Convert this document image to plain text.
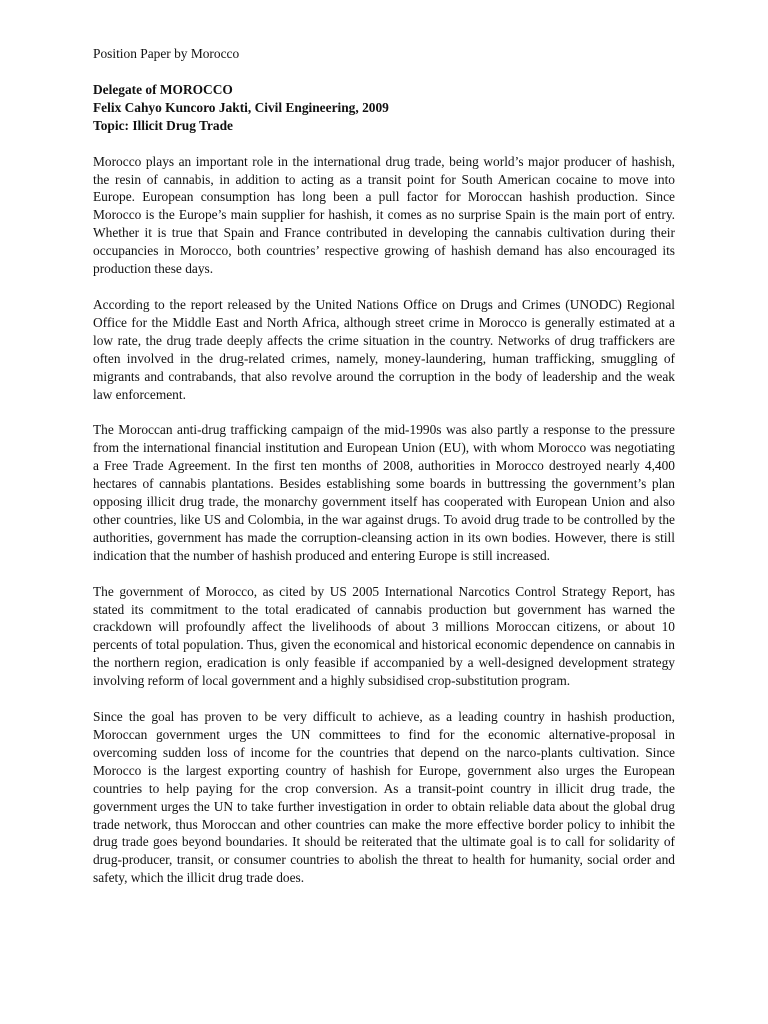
Position Paper by Morocco

Delegate of MOROCCO
Felix Cahyo Kuncoro Jakti, Civil Engineering, 2009
Topic: Illicit Drug Trade

Morocco plays an important role in the international drug trade, being world’s major producer of hashish, the resin of cannabis, in addition to acting as a transit point for South American cocaine to move into Europe. European consumption has long been a pull factor for Moroccan hashish production. Since Morocco is the Europe’s main supplier for hashish, it comes as no surprise Spain is the main port of entry. Whether it is true that Spain and France contributed in developing the cannabis cultivation during their occupancies in Morocco, both countries’ respective growing of hashish demand has also encouraged its production these days.

According to the report released by the United Nations Office on Drugs and Crimes (UNODC) Regional Office for the Middle East and North Africa, although street crime in Morocco is generally estimated at a low rate, the drug trade deeply affects the crime situation in the country. Networks of drug traffickers are often involved in the drug-related crimes, namely, money-laundering, human trafficking, smuggling of migrants and contrabands, that also revolve around the corruption in the body of leadership and the weak law enforcement.

The Moroccan anti-drug trafficking campaign of the mid-1990s was also partly a response to the pressure from the international financial institution and European Union (EU), with whom Morocco was negotiating a Free Trade Agreement. In the first ten months of 2008, authorities in Morocco destroyed nearly 4,400 hectares of cannabis plantations. Besides establishing some boards in buttressing the government’s plan opposing illicit drug trade, the monarchy government itself has cooperated with European Union and also other countries, like US and Colombia, in the war against drugs. To avoid drug trade to be controlled by the authorities, government has made the corruption-cleansing action in its own bodies. However, there is still indication that the number of hashish produced and entering Europe is still increased.

The government of Morocco, as cited by US 2005 International Narcotics Control Strategy Report, has stated its commitment to the total eradicated of cannabis production but government has warned the crackdown will profoundly affect the livelihoods of about 3 millions Moroccan citizens, or about 10 percents of total population. Thus, given the economical and historical economic dependence on cannabis in the northern region, eradication is only feasible if accompanied by a well-designed development strategy involving reform of local government and a highly subsidised crop-substitution program.

Since the goal has proven to be very difficult to achieve, as a leading country in hashish production, Moroccan government urges the UN committees to find for the economic alternative-proposal in overcoming sudden loss of income for the countries that depend on the narco-plants cultivation. Since Morocco is the largest exporting country of hashish for Europe, government also urges the European countries to help paying for the crop conversion. As a transit-point country in illicit drug trade, the government urges the UN to take further investigation in order to obtain reliable data about the global drug trade network, thus Moroccan and other countries can make the more effective border policy to inhibit the drug trade goes beyond boundaries. It should be reiterated that the ultimate goal is to call for solidarity of drug-producer, transit, or consumer countries to abolish the threat to health for humanity, social order and safety, which the illicit drug trade does.
